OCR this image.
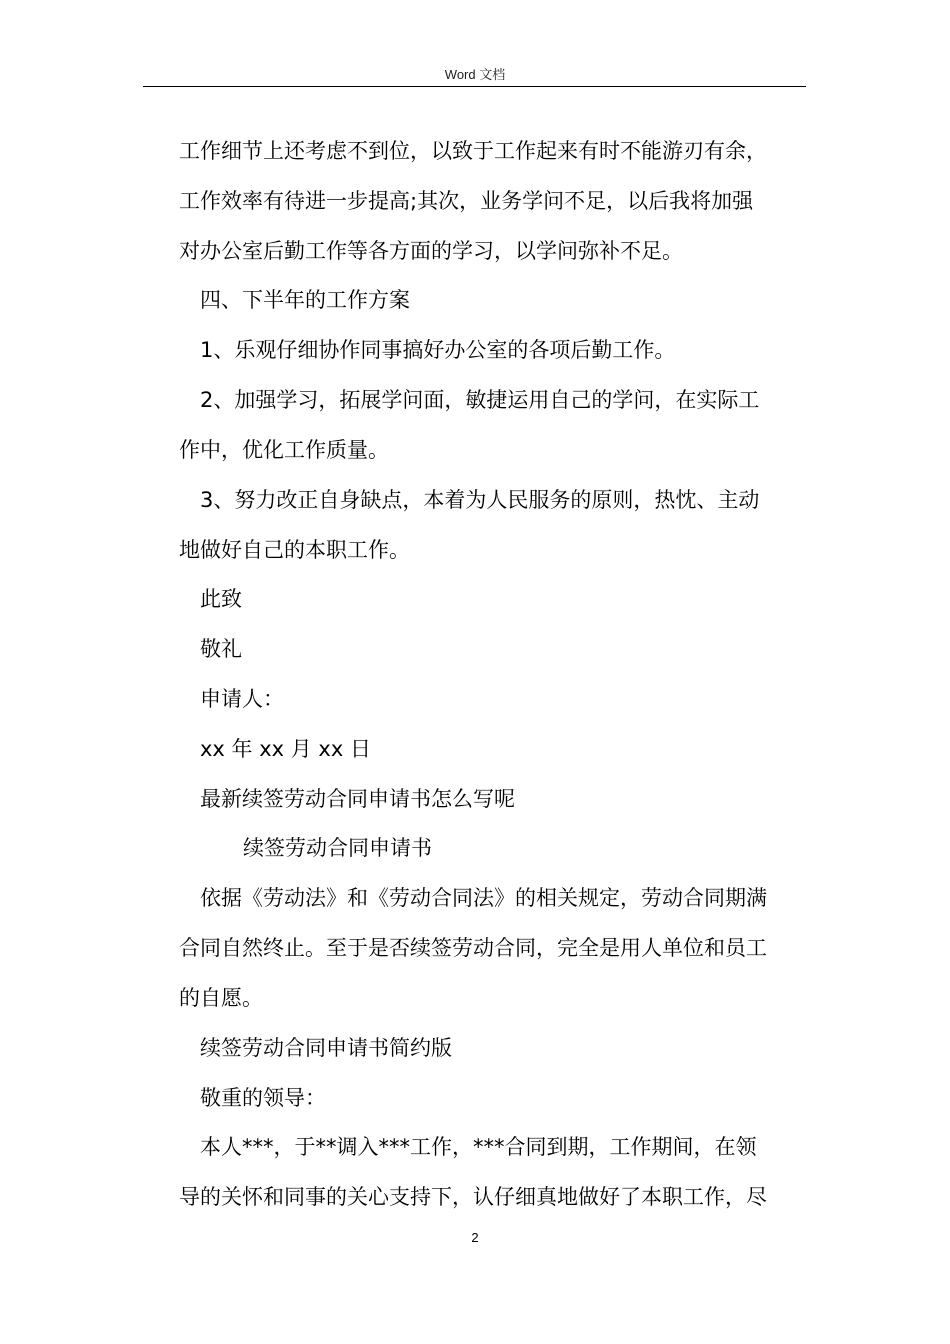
Word 文档
工作细节上还考虑不到位，以致于工作起来有时不能游刃有余，
工作效率有待进一步提高;其次，业务学问不足，以后我将加强
对办公室后勤工作等各方面的学习，以学问弥补不足。
四、下半年的工作方案
1、乐观仔细协作同事搞好办公室的各项后勤工作。
2、加强学习，拓展学问面，敏捷运用自己的学问，在实际工
作中，优化工作质量。
3、努力改正自身缺点，本着为人民服务的原则，热忱、主动
地做好自己的本职工作。
此致
敬礼
申请人：
xx 年 xx 月 xx 日
最新续签劳动合同申请书怎么写呢
续签劳动合同申请书
依据《劳动法》和《劳动合同法》的相关规定，劳动合同期满
合同自然终止。至于是否续签劳动合同，完全是用人单位和员工
的自愿。
续签劳动合同申请书简约版
敬重的领导：
本人***，于**调入***工作，***合同到期，工作期间，在领
导的关怀和同事的关心支持下，认仔细真地做好了本职工作，尽
2
